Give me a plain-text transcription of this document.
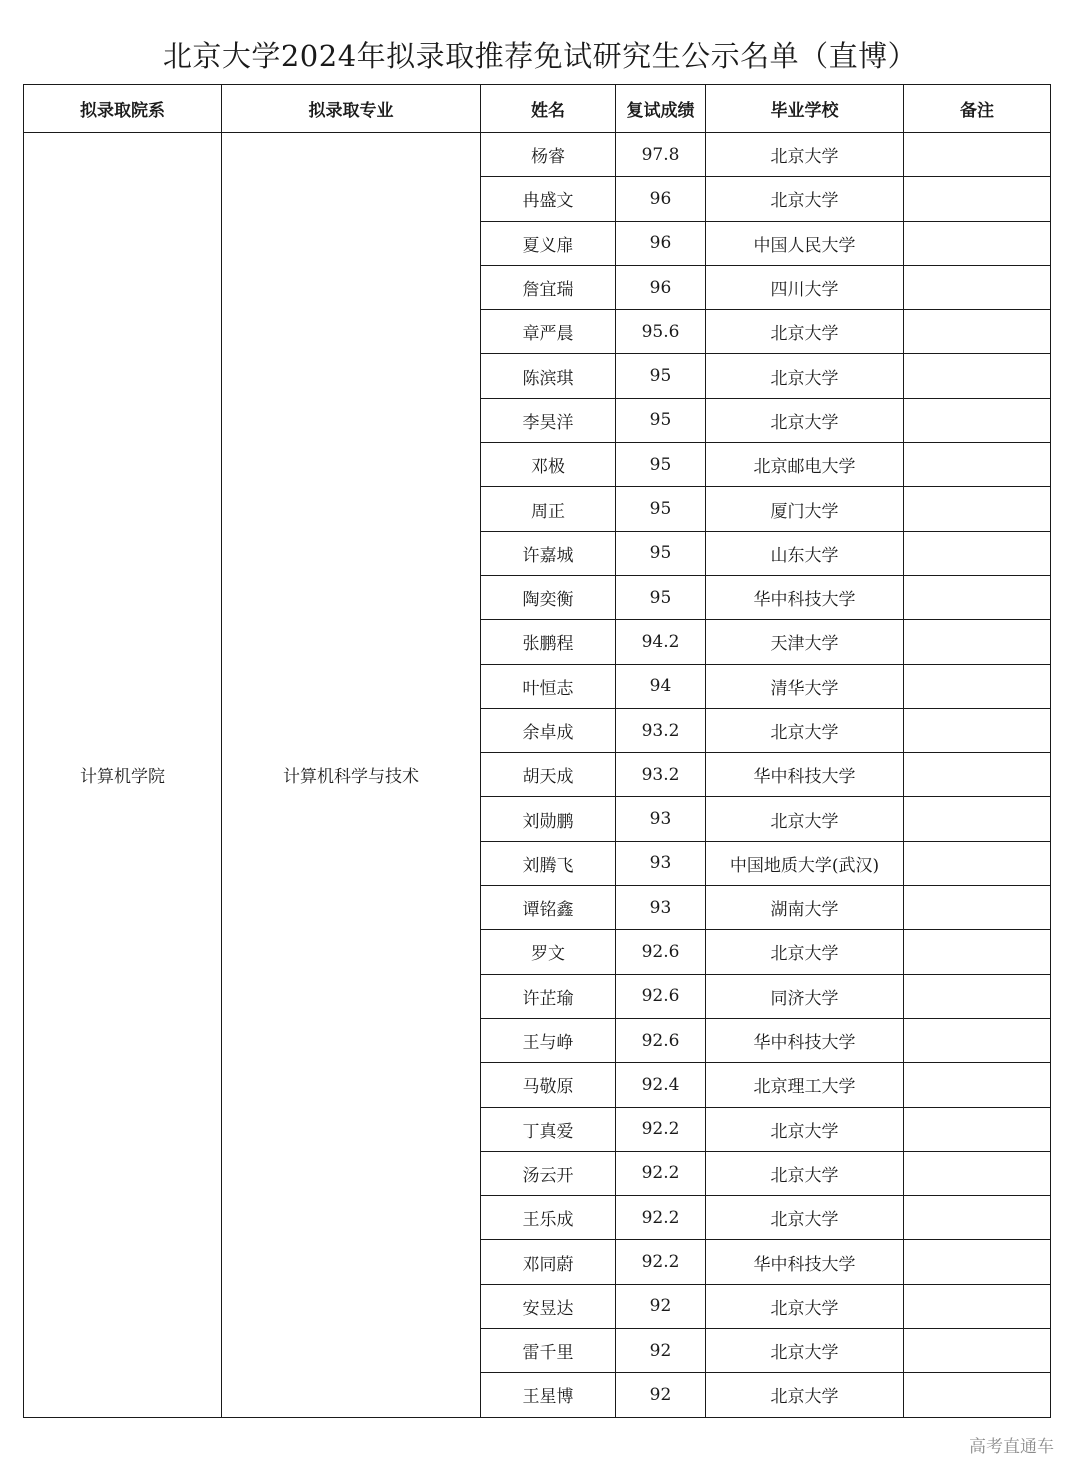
北京大学2024年拟录取推荐免试研究生公示名单（直博）
拟录取院系	拟录取专业	姓名	复试成绩	毕业学校	备注
计算机学院	计算机科学与技术	杨睿	97.8	北京大学	
		冉盛文	96	北京大学	
		夏义扉	96	中国人民大学	
		詹宜瑞	96	四川大学	
		章严晨	95.6	北京大学	
		陈滨琪	95	北京大学	
		李昊洋	95	北京大学	
		邓极	95	北京邮电大学	
		周正	95	厦门大学	
		许嘉城	95	山东大学	
		陶奕衡	95	华中科技大学	
		张鹏程	94.2	天津大学	
		叶恒志	94	清华大学	
		余卓成	93.2	北京大学	
		胡天成	93.2	华中科技大学	
		刘勋鹏	93	北京大学	
		刘腾飞	93	中国地质大学(武汉)	
		谭铭鑫	93	湖南大学	
		罗文	92.6	北京大学	
		许芷瑜	92.6	同济大学	
		王与峥	92.6	华中科技大学	
		马敬原	92.4	北京理工大学	
		丁真爱	92.2	北京大学	
		汤云开	92.2	北京大学	
		王乐成	92.2	北京大学	
		邓同蔚	92.2	华中科技大学	
		安昱达	92	北京大学	
		雷千里	92	北京大学	
		王星博	92	北京大学	
高考直通车
